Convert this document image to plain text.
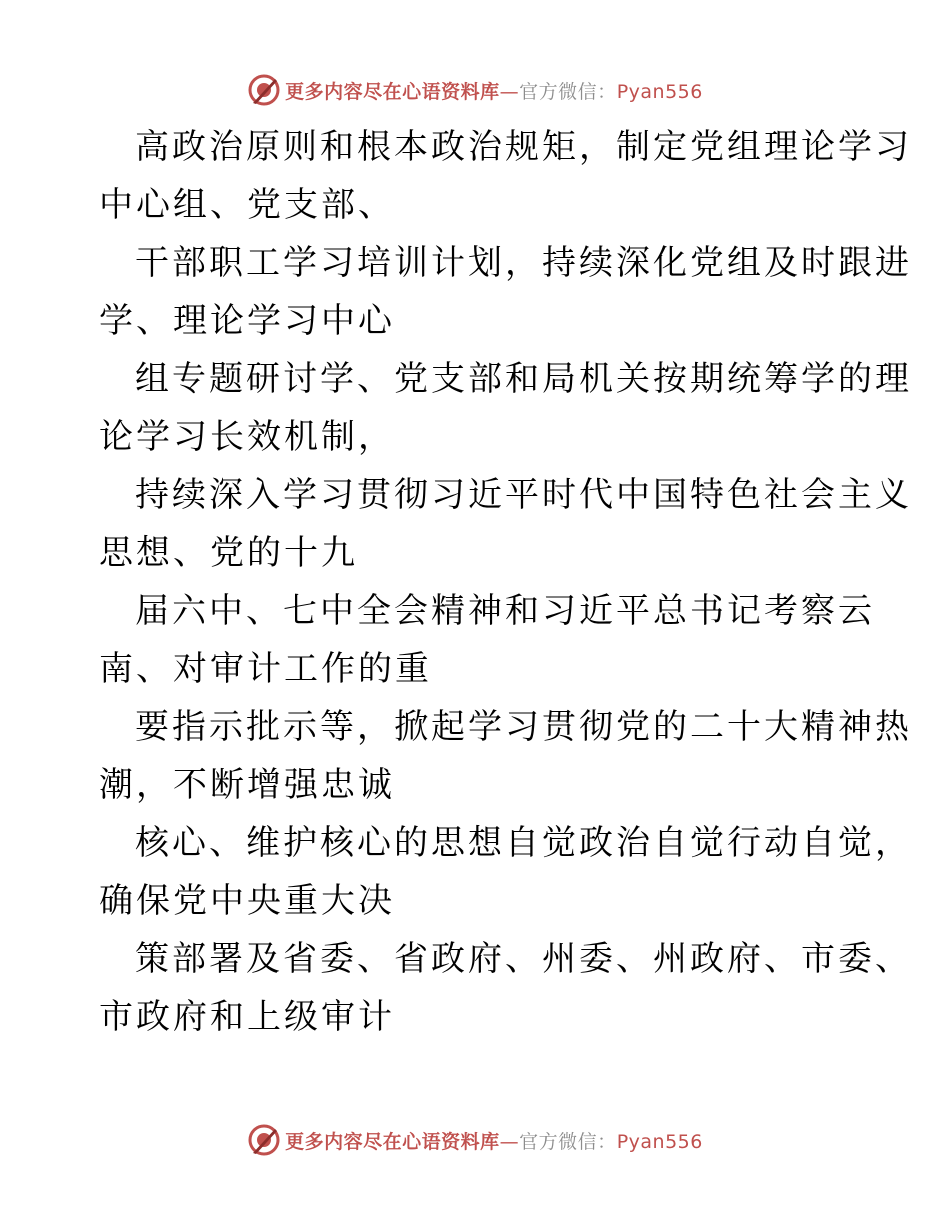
更多内容尽在心语资料库—官方微信：Pyan556
高政治原则和根本政治规矩，制定党组理论学习
中心组、党支部、
干部职工学习培训计划，持续深化党组及时跟进
学、理论学习中心
组专题研讨学、党支部和局机关按期统筹学的理
论学习长效机制，
持续深入学习贯彻习近平时代中国特色社会主义
思想、党的十九
届六中、七中全会精神和习近平总书记考察云
南、对审计工作的重
要指示批示等，掀起学习贯彻党的二十大精神热
潮，不断增强忠诚
核心、维护核心的思想自觉政治自觉行动自觉，
确保党中央重大决
策部署及省委、省政府、州委、州政府、市委、
市政府和上级审计
更多内容尽在心语资料库—官方微信：Pyan556
